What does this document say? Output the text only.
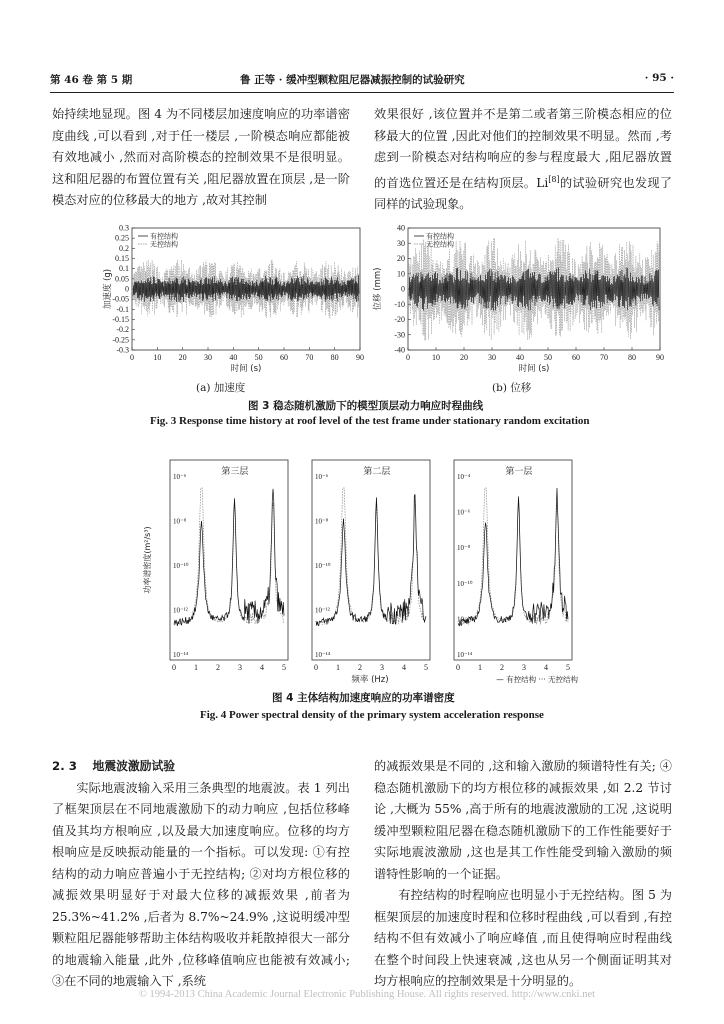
第 46 卷 第 5 期	鲁 正等 · 缓冲型颗粒阻尼器减振控制的试验研究	· 95 ·

始持续地显现。图 4 为不同楼层加速度响应的功率谱密度曲线 ,可以看到 ,对于任一楼层 ,一阶模态响应都能被有效地减小 ,然而对高阶模态的控制效果不是很明显。这和阻尼器的布置位置有关 ,阻尼器放置在顶层 ,是一阶模态对应的位移最大的地方 ,故对其控制

效果很好 ,该位置并不是第二或者第三阶模态相应的位移最大的位置 ,因此对他们的控制效果不明显。然而 ,考虑到一阶模态对结构响应的参与程度最大 ,阻尼器放置的首选位置还是在结构顶层。Li[8]的试验研究也发现了同样的试验现象。

0.3
0.25
0.2
0.15
0.1
0.05
0
-0.05
-0.1
-0.15
-0.2
-0.25
-0.3
0 10 20 30 40 50 60 70 80 90
时间 (s)
加速度 (g)
有控结构
无控结构
40
30
20
10
0
-10
-20
-30
-40
0	10	20	30	40	50	60	70	80	90
时间 (s)
位移 (mm)
有控结构
无控结构
(a) 加速度	(b) 位移
图 3 稳态随机激励下的模型顶层动力响应时程曲线
Fig. 3 Response time history at roof level of the test frame under stationary random excitation
第三层
10⁻⁶
10⁻⁸
10⁻¹⁰
10⁻¹²
10⁻¹⁴
0 1 2 3 4 5
第二层
10⁻⁶
10⁻⁸
10⁻¹⁰
10⁻¹²
10⁻¹⁴
0 1 2 3 4 5
第一层
10⁻⁴
10⁻⁶
10⁻⁸
10⁻¹⁰
10⁻¹²
10⁻¹⁴
0 1 2 3 4 5
功率谱密度(m²/s³)
频率 (Hz)	— 有控结构 ··· 无控结构
图 4 主体结构加速度响应的功率谱密度
Fig. 4 Power spectral density of the primary system acceleration response

2. 3 地震波激励试验

实际地震波输入采用三条典型的地震波。表 1 列出了框架顶层在不同地震激励下的动力响应 ,包括位移峰值及其均方根响应 ,以及最大加速度响应。位移的均方根响应是反映振动能量的一个指标。可以发现: ①有控结构的动力响应普遍小于无控结构; ②对均方根位移的减振效果明显好于对最大位移的减振效果 ,前者为 25.3%~41.2% ,后者为 8.7%~24.9% ,这说明缓冲型颗粒阻尼器能够帮助主体结构吸收并耗散掉很大一部分的地震输入能量 ,此外 ,位移峰值响应也能被有效减小; ③在不同的地震输入下 ,系统

的减振效果是不同的 ,这和输入激励的频谱特性有关; ④稳态随机激励下的均方根位移的减振效果 ,如 2.2 节讨论 ,大概为 55% ,高于所有的地震波激励的工况 ,这说明缓冲型颗粒阻尼器在稳态随机激励下的工作性能要好于实际地震波激励 ,这也是其工作性能受到输入激励的频谱特性影响的一个证据。

有控结构的时程响应也明显小于无控结构。图 5 为框架顶层的加速度时程和位移时程曲线 ,可以看到 ,有控结构不但有效减小了响应峰值 ,而且使得响应时程曲线在整个时间段上快速衰减 ,这也从另一个侧面证明其对均方根响应的控制效果是十分明显的。

© 1994-2013 China Academic Journal Electronic Publishing House. All rights reserved. http://www.cnki.net
